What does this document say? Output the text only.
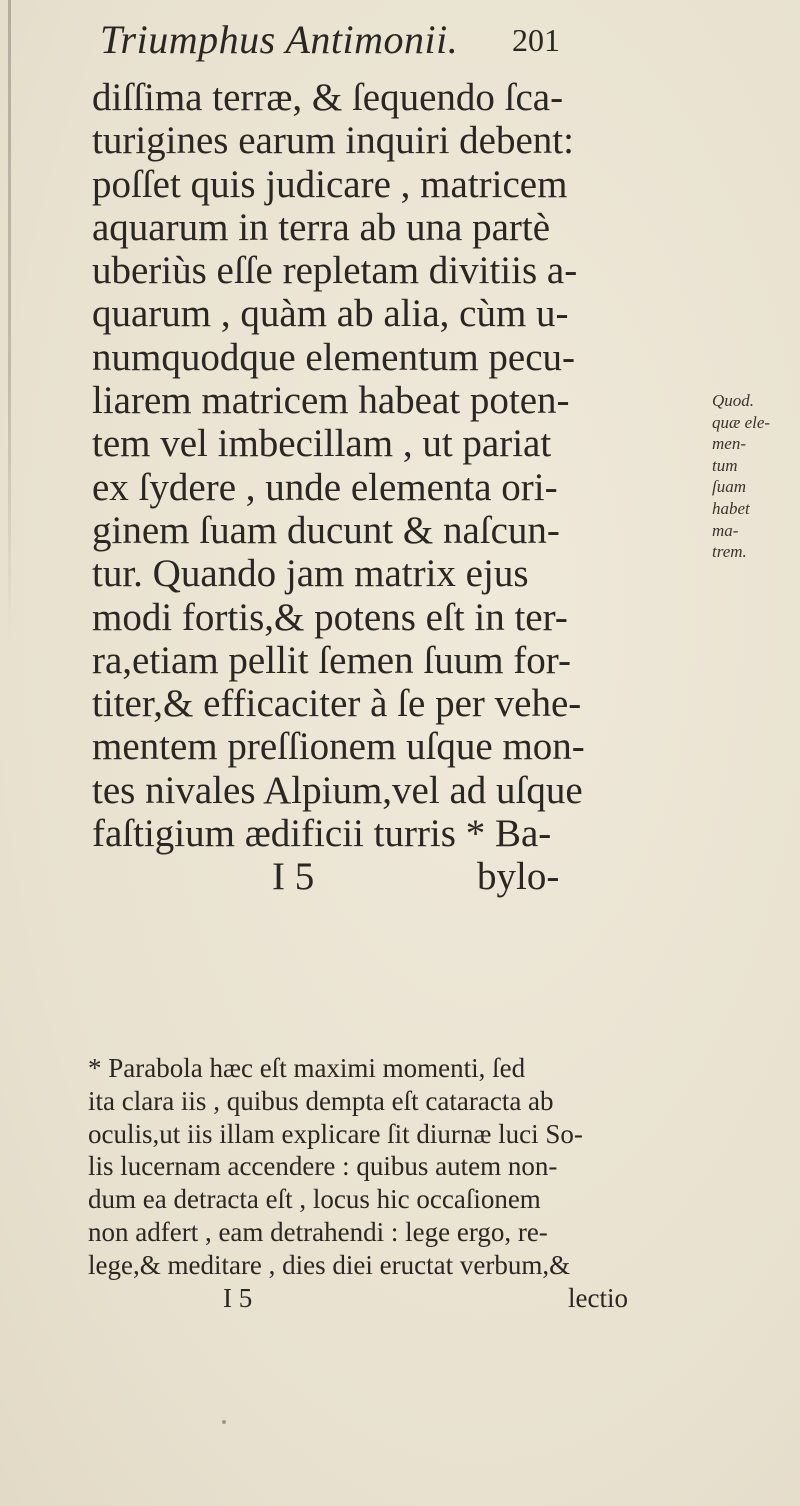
Triumphus Antimonii. 201
diſſima terræ, & ſequendo ſca-
turigines earum inquiri debent:
poſſet quis judicare , matricem
aquarum in terra ab una partè
uberiùs eſſe repletam divitiis a-
quarum , quàm ab alia, cùm u-
numquodque elementum pecu-
liarem matricem habeat poten-
tem vel imbecillam , ut pariat
ex ſydere , unde elementa ori-
ginem ſuam ducunt & naſcun-
tur. Quando jam matrix ejus
modi fortis,& potens eſt in ter-
ra,etiam pellit ſemen ſuum for-
titer,& efficaciter à ſe per vehe-
mentem preſſionem uſque mon-
tes nivales Alpium,vel ad uſque
faſtigium ædificii turris * Ba-
I 5	bylo-
Quod.
quæ ele-
men-
tum
ſuam
habet
ma-
trem.
* Parabola hæc eſt maximi momenti, ſed
ita clara iis , quibus dempta eſt cataracta ab
oculis,ut iis illam explicare ſit diurnæ luci So-
lis lucernam accendere : quibus autem non-
dum ea detracta eſt , locus hic occaſionem
non adfert , eam detrahendi : lege ergo, re-
lege,& meditare , dies diei eructat verbum,&
I 5	lectio
